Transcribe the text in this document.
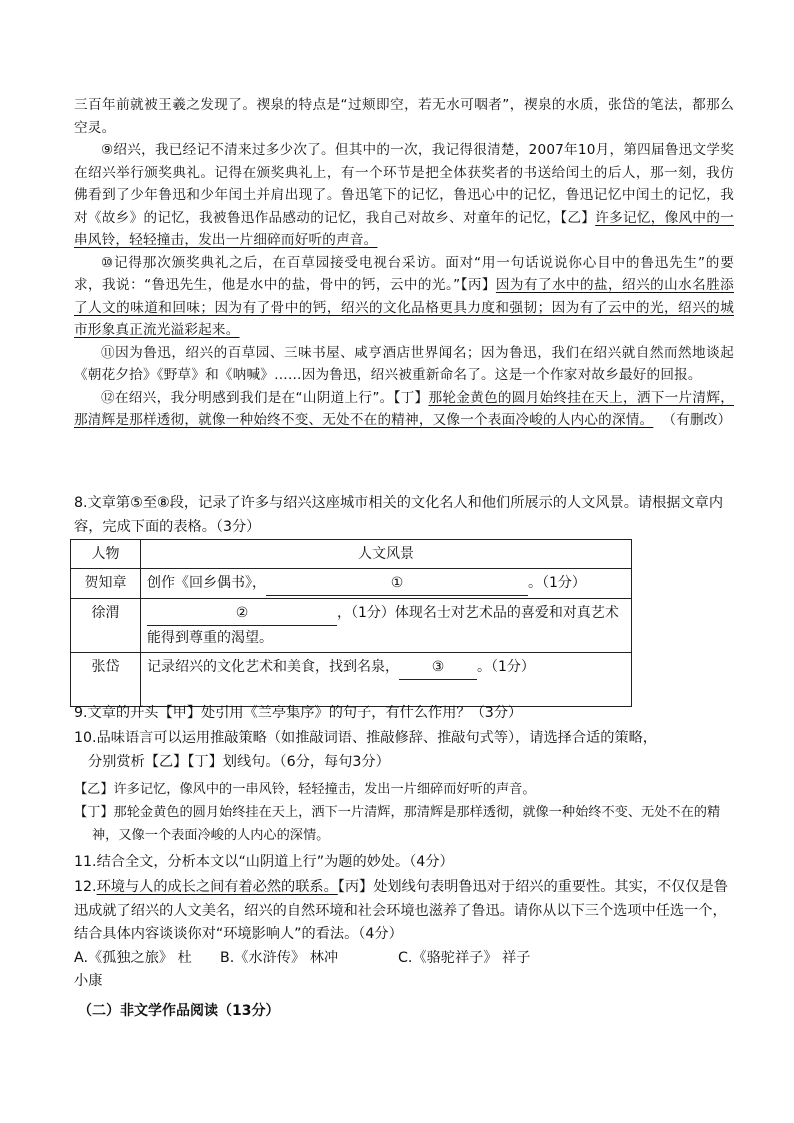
三百年前就被王羲之发现了。禊泉的特点是“过颊即空，若无水可咽者”，禊泉的水质，张岱的笔法，都那么空灵。

⑨绍兴，我已经记不清来过多少次了。但其中的一次，我记得很清楚，2007年10月，第四届鲁迅文学奖在绍兴举行颁奖典礼。记得在颁奖典礼上，有一个环节是把全体获奖者的书送给闰土的后人，那一刻，我仿佛看到了少年鲁迅和少年闰土并肩出现了。鲁迅笔下的记忆，鲁迅心中的记忆，鲁迅记忆中闰土的记忆，我对《故乡》的记忆，我被鲁迅作品感动的记忆，我自己对故乡、对童年的记忆，【乙】许多记忆，像风中的一串风铃，轻轻撞击，发出一片细碎而好听的声音。

⑩记得那次颁奖典礼之后，在百草园接受电视台采访。面对“用一句话说说你心目中的鲁迅先生”的要求，我说：“鲁迅先生，他是水中的盐，骨中的钙，云中的光。”【丙】因为有了水中的盐，绍兴的山水名胜添了人文的味道和回味；因为有了骨中的钙，绍兴的文化品格更具力度和强韧；因为有了云中的光，绍兴的城市形象真正流光溢彩起来。

⑪因为鲁迅，绍兴的百草园、三味书屋、咸亨酒店世界闻名；因为鲁迅，我们在绍兴就自然而然地谈起《朝花夕拾》《野草》和《呐喊》……因为鲁迅，绍兴被重新命名了。这是一个作家对故乡最好的回报。

⑫在绍兴，我分明感到我们是在“山阴道上行”。【丁】那轮金黄色的圆月始终挂在天上，洒下一片清辉，那清辉是那样透彻，就像一种始终不变、无处不在的精神，又像一个表面冷峻的人内心的深情。 （有删改）

8.文章第⑤至⑧段，记录了许多与绍兴这座城市相关的文化名人和他们所展示的人文风景。请根据文章内容，完成下面的表格。（3分）

人物	人文风景
贺知章	创作《回乡偶书》， ① 。（1分）
徐渭	② ，（1分）体现名士对艺术品的喜爱和对真艺术能得到尊重的渴望。
张岱	记录绍兴的文化艺术和美食，找到名泉， ③ 。（1分）

9.文章的开头【甲】处引用《兰亭集序》的句子，有什么作用？（3分）

10.品味语言可以运用推敲策略（如推敲词语、推敲修辞、推敲句式等），请选择合适的策略，

分别赏析【乙】【丁】划线句。（6分，每句3分）

【乙】许多记忆，像风中的一串风铃，轻轻撞击，发出一片细碎而好听的声音。

【丁】那轮金黄色的圆月始终挂在天上，洒下一片清辉，那清辉是那样透彻，就像一种始终不变、无处不在的精神，又像一个表面冷峻的人内心的深情。

11.结合全文，分析本文以“山阴道上行”为题的妙处。（4分）

12.环境与人的成长之间有着必然的联系。【丙】处划线句表明鲁迅对于绍兴的重要性。其实，不仅仅是鲁迅成就了绍兴的人文美名，绍兴的自然环境和社会环境也滋养了鲁迅。请你从以下三个选项中任选一个，结合具体内容谈谈你对“环境影响人”的看法。（4分）

A.《孤独之旅》 杜小康
B.《水浒传》 林冲	C.《骆驼祥子》 祥子

（二）非文学作品阅读（13分）
